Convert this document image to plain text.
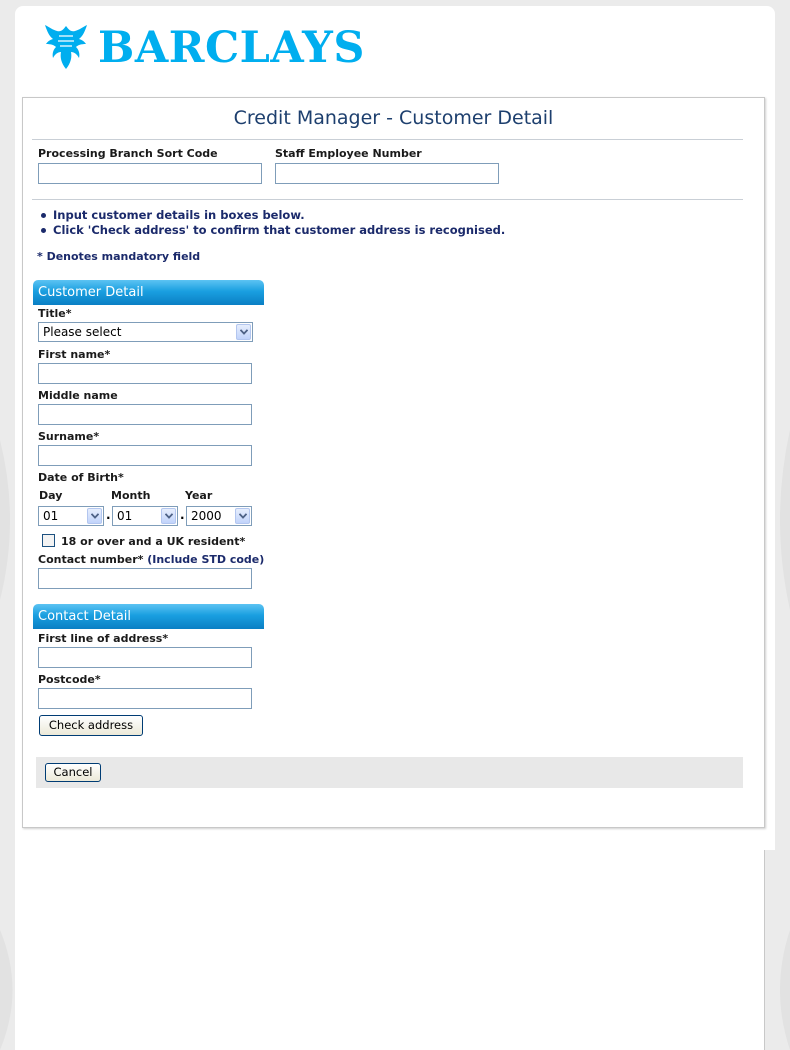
BARCLAYS
Credit Manager - Customer Detail
Processing Branch Sort Code	Staff Employee Number
Input customer details in boxes below.
Click 'Check address' to confirm that customer address is recognised.
* Denotes mandatory field
Customer Detail
Title*
Please select
First name*
Middle name
Surname*
Date of Birth*
Day	Month	Year
01	. 01	. 2000
18 or over and a UK resident*
Contact number* (Include STD code)
Contact Detail
First line of address*
Postcode*
Check address
Cancel
